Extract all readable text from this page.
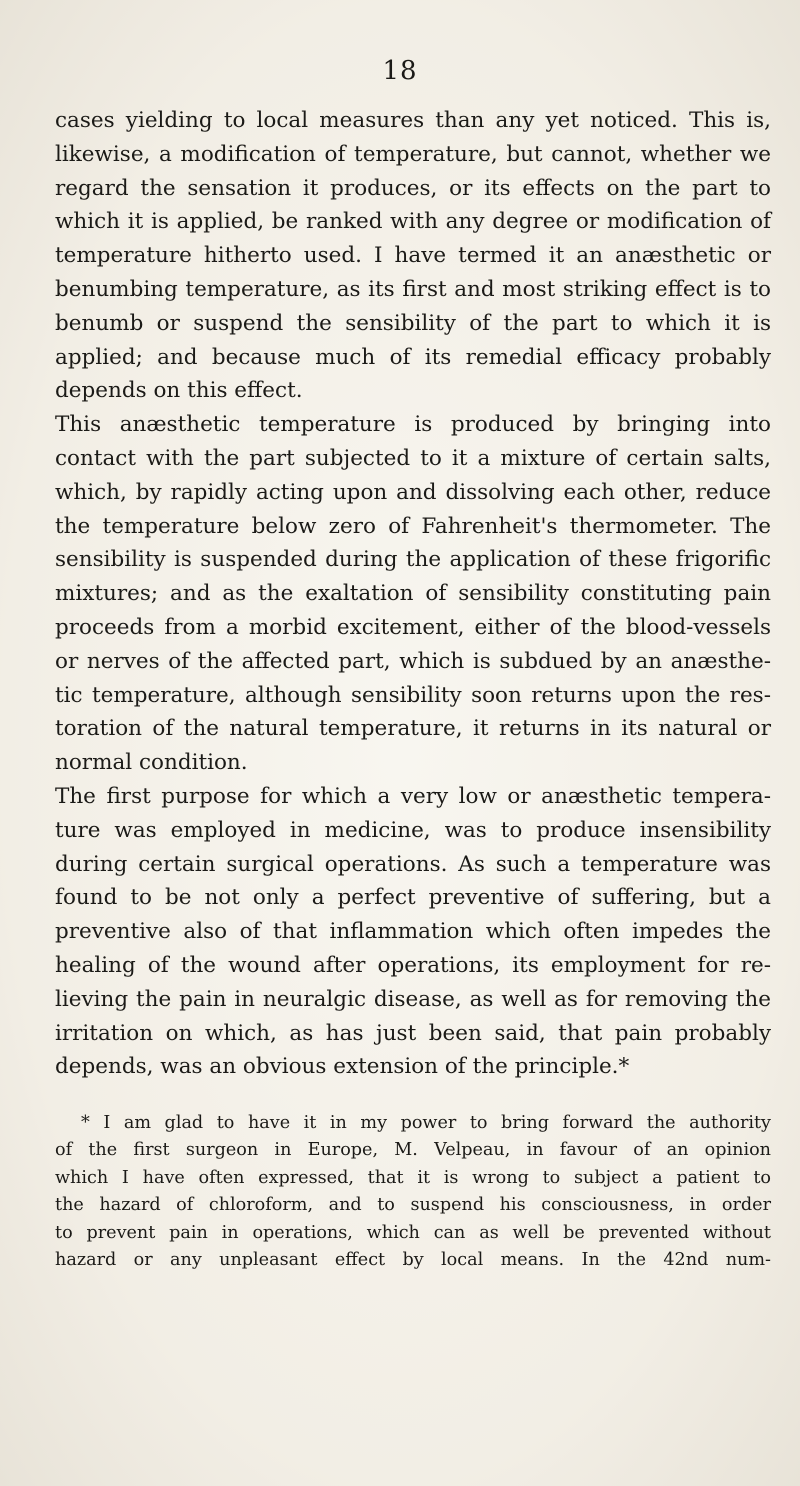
18
cases yielding to local measures than any yet noticed. This is,
likewise, a modification of temperature, but cannot, whether we
regard the sensation it produces, or its effects on the part to
which it is applied, be ranked with any degree or modification of
temperature hitherto used. I have termed it an anæsthetic or
benumbing temperature, as its first and most striking effect is to
benumb or suspend the sensibility of the part to which it is
applied; and because much of its remedial efficacy probably
depends on this effect.
This anæsthetic temperature is produced by bringing into
contact with the part subjected to it a mixture of certain salts,
which, by rapidly acting upon and dissolving each other, reduce
the temperature below zero of Fahrenheit's thermometer. The
sensibility is suspended during the application of these frigorific
mixtures; and as the exaltation of sensibility constituting pain
proceeds from a morbid excitement, either of the blood-vessels
or nerves of the affected part, which is subdued by an anæsthe-
tic temperature, although sensibility soon returns upon the res-
toration of the natural temperature, it returns in its natural or
normal condition.
The first purpose for which a very low or anæsthetic tempera-
ture was employed in medicine, was to produce insensibility
during certain surgical operations. As such a temperature was
found to be not only a perfect preventive of suffering, but a
preventive also of that inflammation which often impedes the
healing of the wound after operations, its employment for re-
lieving the pain in neuralgic disease, as well as for removing the
irritation on which, as has just been said, that pain probably
depends, was an obvious extension of the principle.*
* I am glad to have it in my power to bring forward the authority
of the first surgeon in Europe, M. Velpeau, in favour of an opinion
which I have often expressed, that it is wrong to subject a patient to
the hazard of chloroform, and to suspend his consciousness, in order
to prevent pain in operations, which can as well be prevented without
hazard or any unpleasant effect by local means. In the 42nd num-
